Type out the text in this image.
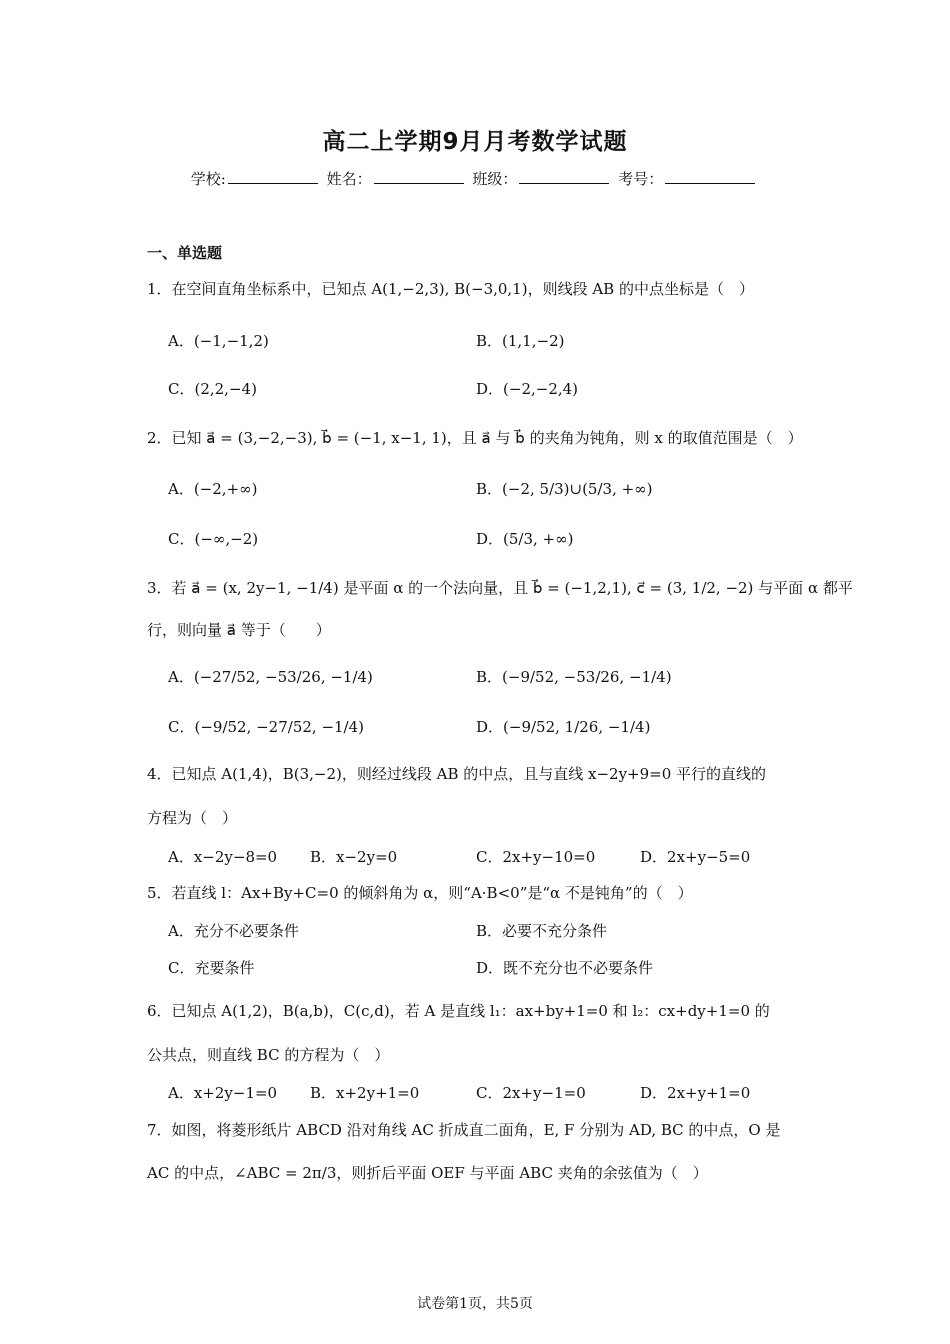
高二上学期9月月考数学试题
学校:	姓名：	班级：	考号：
一、单选题
1．在空间直角坐标系中，已知点 A(1,−2,3), B(−3,0,1)，则线段 AB 的中点坐标是（　）
A．(−1,−1,2)	B．(1,1,−2)
C．(2,2,−4)	D．(−2,−2,4)
2．已知 a⃗ = (3,−2,−3), b⃗ = (−1, x−1, 1)，且 a⃗ 与 b⃗ 的夹角为钝角，则 x 的取值范围是（　）
A．(−2,+∞)	B．(−2, 5/3)∪(5/3, +∞)
C．(−∞,−2)	D．(5/3, +∞)
3．若 a⃗ = (x, 2y−1, −1/4) 是平面 α 的一个法向量，且 b⃗ = (−1,2,1), c⃗ = (3, 1/2, −2) 与平面 α 都平
行，则向量 a⃗ 等于（　　）
A．(−27/52, −53/26, −1/4)	B．(−9/52, −53/26, −1/4)
C．(−9/52, −27/52, −1/4)	D．(−9/52, 1/26, −1/4)
4．已知点 A(1,4)，B(3,−2)，则经过线段 AB 的中点，且与直线 x−2y+9=0 平行的直线的
方程为（　）
A．x−2y−8=0 B．x−2y=0	C．2x+y−10=0	D．2x+y−5=0
5．若直线 l：Ax+By+C=0 的倾斜角为 α，则“A·B<0”是“α 不是钝角”的（　）
A．充分不必要条件	B．必要不充分条件
C．充要条件	D．既不充分也不必要条件
6．已知点 A(1,2)，B(a,b)，C(c,d)，若 A 是直线 l₁：ax+by+1=0 和 l₂：cx+dy+1=0 的
公共点，则直线 BC 的方程为（　）
A．x+2y−1=0 B．x+2y+1=0	C．2x+y−1=0	D．2x+y+1=0
7．如图，将菱形纸片 ABCD 沿对角线 AC 折成直二面角，E, F 分别为 AD, BC 的中点，O 是
AC 的中点，∠ABC = 2π/3，则折后平面 OEF 与平面 ABC 夹角的余弦值为（　）
试卷第1页，共5页
